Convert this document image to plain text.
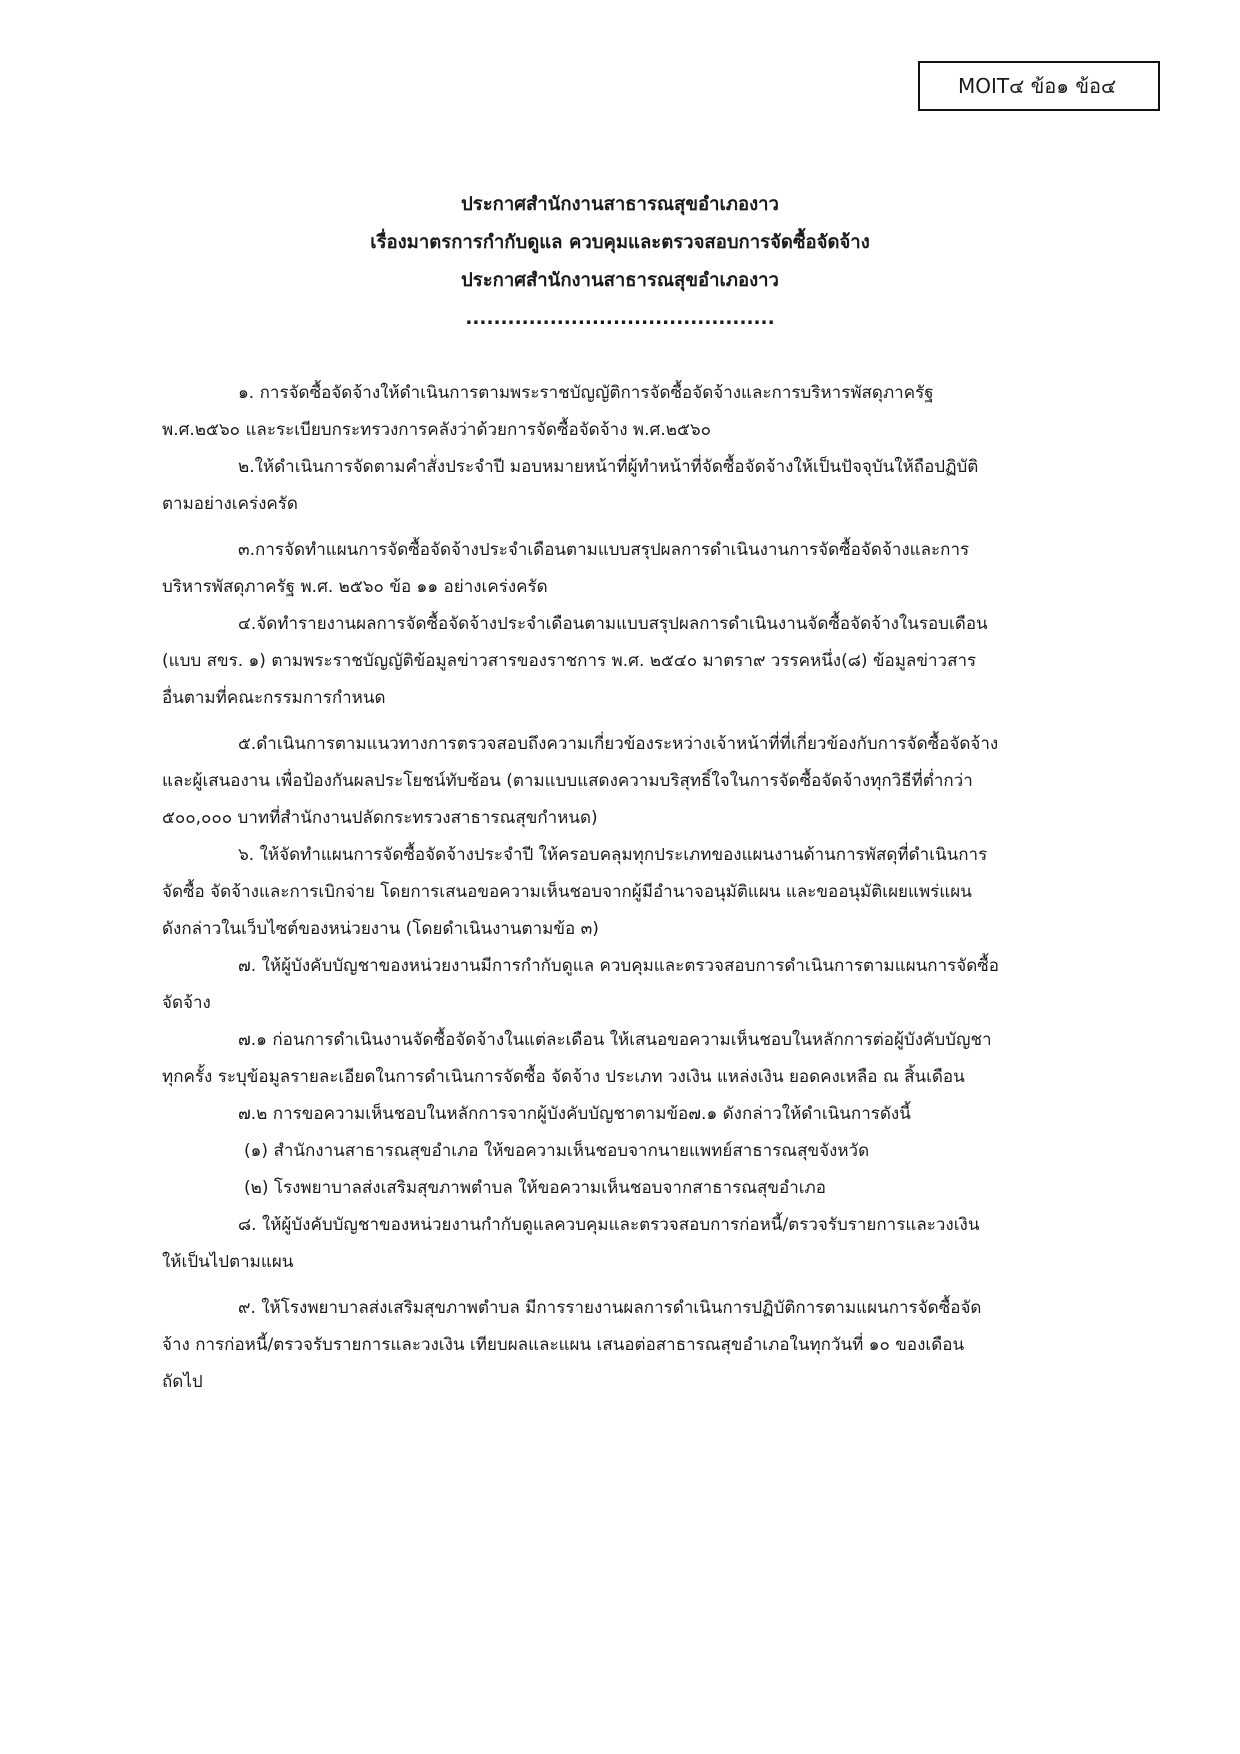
MOIT๔ ข้อ๑ ข้อ๔
ประกาศสำนักงานสาธารณสุขอำเภองาว
เรื่องมาตรการกำกับดูแล ควบคุมและตรวจสอบการจัดซื้อจัดจ้าง
ประกาศสำนักงานสาธารณสุขอำเภองาว
............................................
๑. การจัดซื้อจัดจ้างให้ดำเนินการตามพระราชบัญญัติการจัดซื้อจัดจ้างและการบริหารพัสดุภาครัฐ
พ.ศ.๒๕๖๐ และระเบียบกระทรวงการคลังว่าด้วยการจัดซื้อจัดจ้าง พ.ศ.๒๕๖๐
๒.ให้ดำเนินการจัดตามคำสั่งประจำปี มอบหมายหน้าที่ผู้ทำหน้าที่จัดซื้อจัดจ้างให้เป็นปัจจุบันให้ถือปฏิบัติ
ตามอย่างเคร่งครัด
๓.การจัดทำแผนการจัดซื้อจัดจ้างประจำเดือนตามแบบสรุปผลการดำเนินงานการจัดซื้อจัดจ้างและการ
บริหารพัสดุภาครัฐ พ.ศ. ๒๕๖๐ ข้อ ๑๑ อย่างเคร่งครัด
๔.จัดทำรายงานผลการจัดซื้อจัดจ้างประจำเดือนตามแบบสรุปผลการดำเนินงานจัดซื้อจัดจ้างในรอบเดือน
(แบบ สขร. ๑) ตามพระราชบัญญัติข้อมูลข่าวสารของราชการ พ.ศ. ๒๕๔๐ มาตรา๙ วรรคหนึ่ง(๘) ข้อมูลข่าวสาร
อื่นตามที่คณะกรรมการกำหนด
๕.ดำเนินการตามแนวทางการตรวจสอบถึงความเกี่ยวข้องระหว่างเจ้าหน้าที่ที่เกี่ยวข้องกับการจัดซื้อจัดจ้าง
และผู้เสนองาน เพื่อป้องกันผลประโยชน์ทับซ้อน (ตามแบบแสดงความบริสุทธิ์ใจในการจัดซื้อจัดจ้างทุกวิธีที่ต่ำกว่า
๕๐๐,๐๐๐ บาทที่สำนักงานปลัดกระทรวงสาธารณสุขกำหนด)
๖. ให้จัดทำแผนการจัดซื้อจัดจ้างประจำปี ให้ครอบคลุมทุกประเภทของแผนงานด้านการพัสดุที่ดำเนินการ
จัดซื้อ จัดจ้างและการเบิกจ่าย โดยการเสนอขอความเห็นชอบจากผู้มีอำนาจอนุมัติแผน และขออนุมัติเผยแพร่แผน
ดังกล่าวในเว็บไซต์ของหน่วยงาน (โดยดำเนินงานตามข้อ ๓)
๗. ให้ผู้บังคับบัญชาของหน่วยงานมีการกำกับดูแล ควบคุมและตรวจสอบการดำเนินการตามแผนการจัดซื้อ
จัดจ้าง
๗.๑ ก่อนการดำเนินงานจัดซื้อจัดจ้างในแต่ละเดือน ให้เสนอขอความเห็นชอบในหลักการต่อผู้บังคับบัญชา
ทุกครั้ง ระบุข้อมูลรายละเอียดในการดำเนินการจัดซื้อ จัดจ้าง ประเภท วงเงิน แหล่งเงิน ยอดคงเหลือ ณ สิ้นเดือน
๗.๒ การขอความเห็นชอบในหลักการจากผู้บังคับบัญชาตามข้อ๗.๑ ดังกล่าวให้ดำเนินการดังนี้
(๑) สำนักงานสาธารณสุขอำเภอ ให้ขอความเห็นชอบจากนายแพทย์สาธารณสุขจังหวัด
(๒) โรงพยาบาลส่งเสริมสุขภาพตำบล ให้ขอความเห็นชอบจากสาธารณสุขอำเภอ
๘. ให้ผู้บังคับบัญชาของหน่วยงานกำกับดูแลควบคุมและตรวจสอบการก่อหนี้/ตรวจรับรายการและวงเงิน
ให้เป็นไปตามแผน
๙. ให้โรงพยาบาลส่งเสริมสุขภาพตำบล มีการรายงานผลการดำเนินการปฏิบัติการตามแผนการจัดซื้อจัด
จ้าง การก่อหนี้/ตรวจรับรายการและวงเงิน เทียบผลและแผน เสนอต่อสาธารณสุขอำเภอในทุกวันที่ ๑๐ ของเดือน
ถัดไป
